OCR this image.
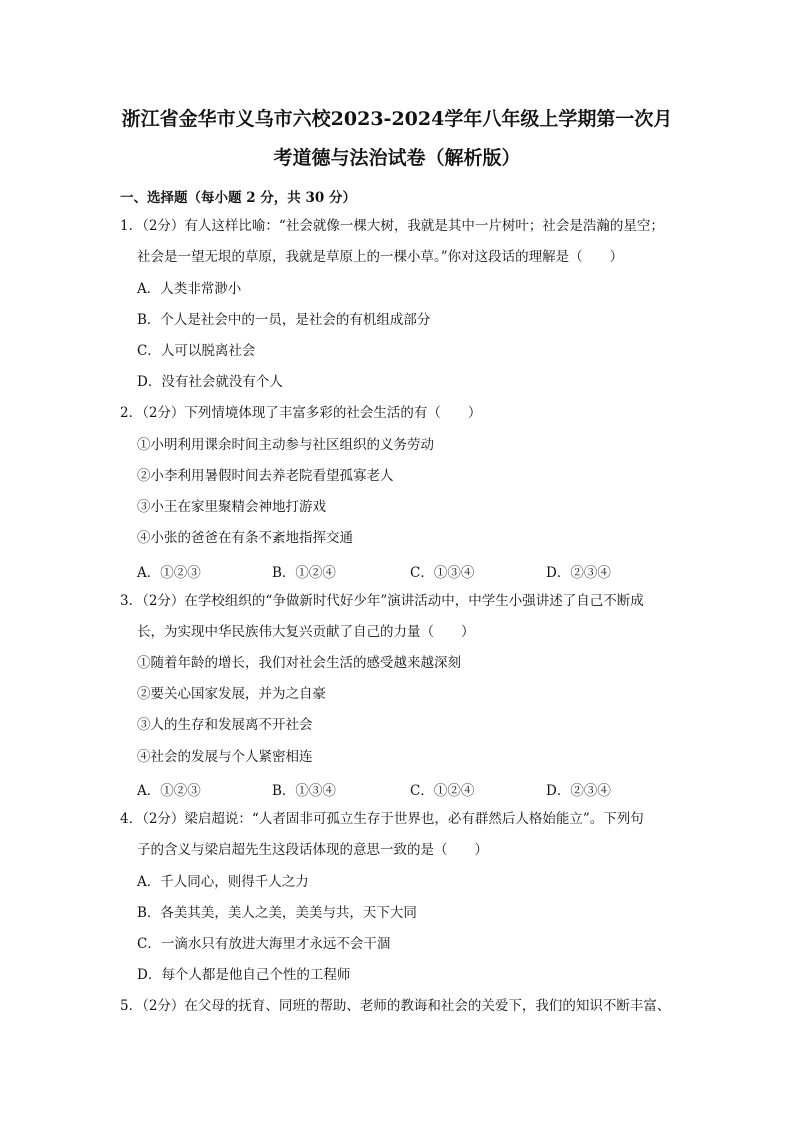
浙江省金华市义乌市六校2023-2024学年八年级上学期第一次月
考道德与法治试卷（解析版）
一、选择题（每小题 2 分，共 30 分）
1．（2分）有人这样比喻：“社会就像一棵大树，我就是其中一片树叶；社会是浩瀚的星空；
社会是一望无垠的草原，我就是草原上的一棵小草。”你对这段话的理解是（　　）
A．人类非常渺小
B．个人是社会中的一员，是社会的有机组成部分
C．人可以脱离社会
D．没有社会就没有个人
2．（2分）下列情境体现了丰富多彩的社会生活的有（　　）
①小明利用课余时间主动参与社区组织的义务劳动
②小李利用暑假时间去养老院看望孤寡老人
③小王在家里聚精会神地打游戏
④小张的爸爸在有条不紊地指挥交通
A．①②③	B．①②④	C．①③④	D．②③④
3．（2分）在学校组织的“争做新时代好少年”演讲活动中，中学生小强讲述了自己不断成
长，为实现中华民族伟大复兴贡献了自己的力量（　　）
①随着年龄的增长，我们对社会生活的感受越来越深刻
②要关心国家发展，并为之自豪
③人的生存和发展离不开社会
④社会的发展与个人紧密相连
A．①②③	B．①③④	C．①②④	D．②③④
4．（2分）梁启超说：“人者固非可孤立生存于世界也，必有群然后人格始能立”。下列句
子的含义与梁启超先生这段话体现的意思一致的是（　　）
A．千人同心，则得千人之力
B．各美其美，美人之美，美美与共，天下大同
C．一滴水只有放进大海里才永远不会干涸
D．每个人都是他自己个性的工程师
5．（2分）在父母的抚育、同班的帮助、老师的教诲和社会的关爱下，我们的知识不断丰富、
